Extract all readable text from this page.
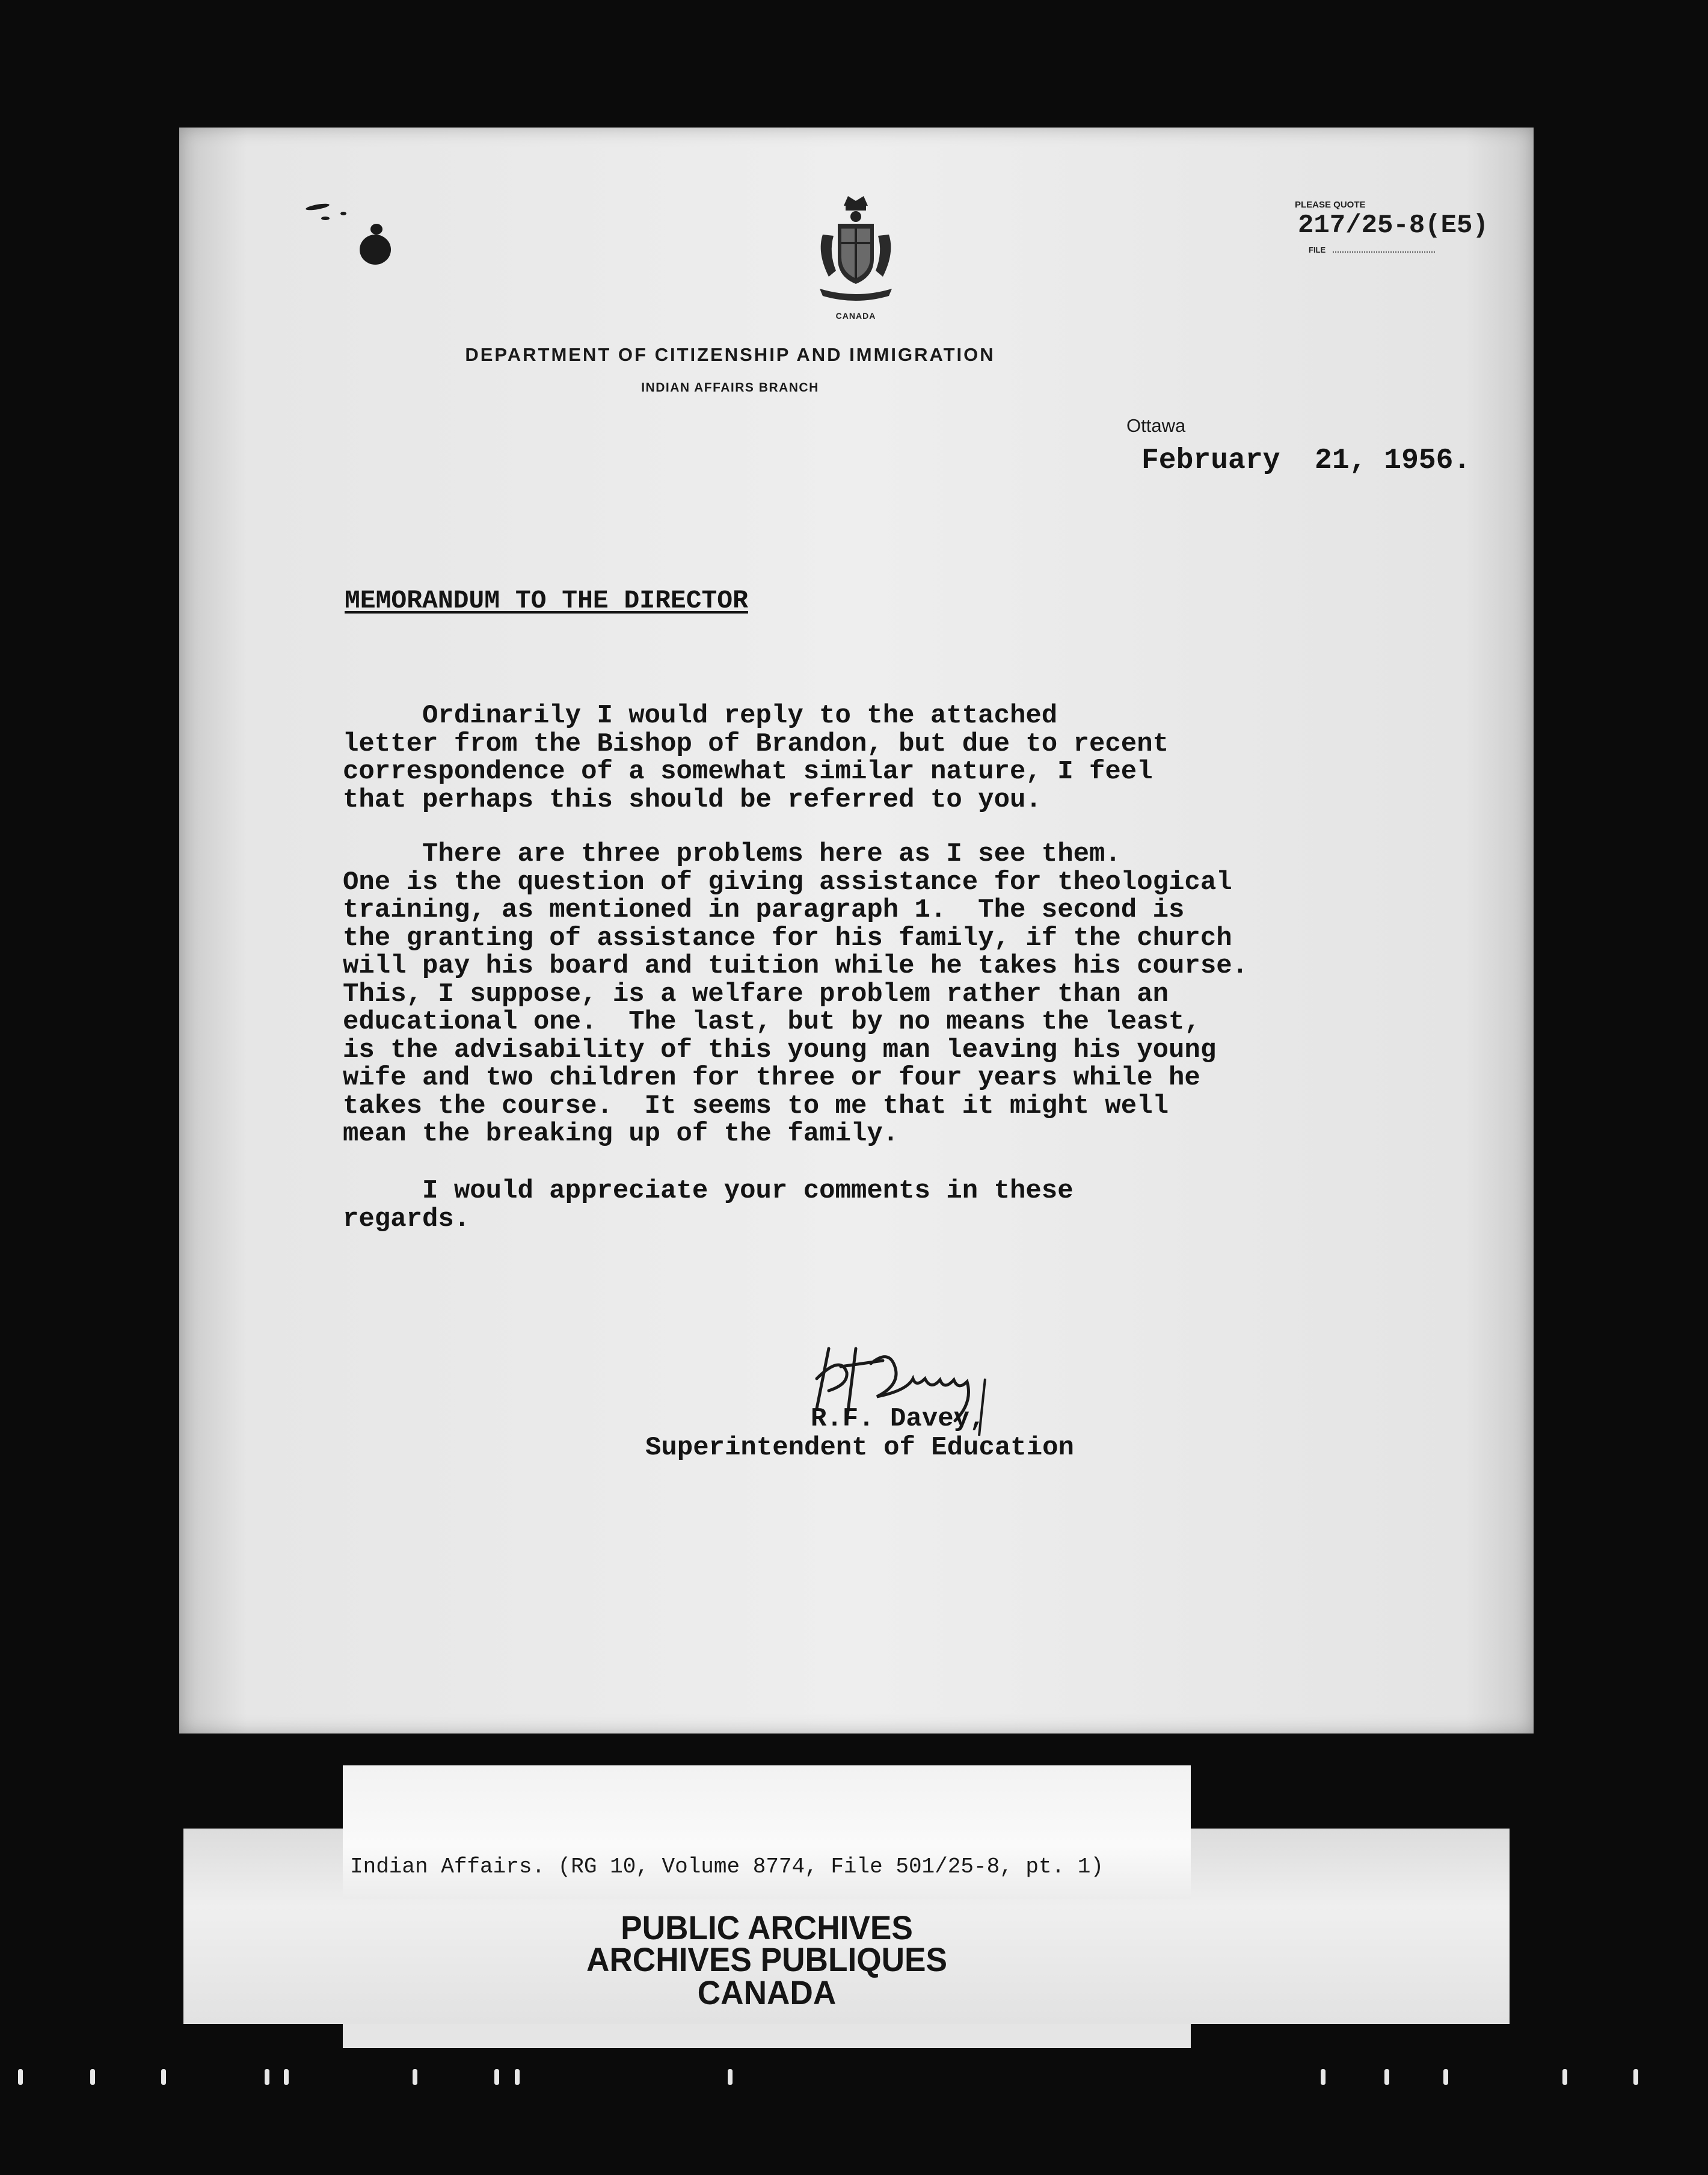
CANADA
DEPARTMENT OF CITIZENSHIP AND IMMIGRATION
INDIAN AFFAIRS BRANCH
PLEASE QUOTE
217/25-8(E5)
FILE
Ottawa
February  21, 1956.
MEMORANDUM TO THE DIRECTOR
Ordinarily I would reply to the attached
letter from the Bishop of Brandon, but due to recent
correspondence of a somewhat similar nature, I feel
that perhaps this should be referred to you.
There are three problems here as I see them.
One is the question of giving assistance for theological
training, as mentioned in paragraph 1.  The second is
the granting of assistance for his family, if the church
will pay his board and tuition while he takes his course.
This, I suppose, is a welfare problem rather than an
educational one.  The last, but by no means the least,
is the advisability of this young man leaving his young
wife and two children for three or four years while he
takes the course.  It seems to me that it might well
mean the breaking up of the family.
I would appreciate your comments in these
regards.
R.F. Davey,
Superintendent of Education
Indian Affairs. (RG 10, Volume 8774, File 501/25-8, pt. 1)
PUBLIC ARCHIVES
ARCHIVES PUBLIQUES
CANADA
